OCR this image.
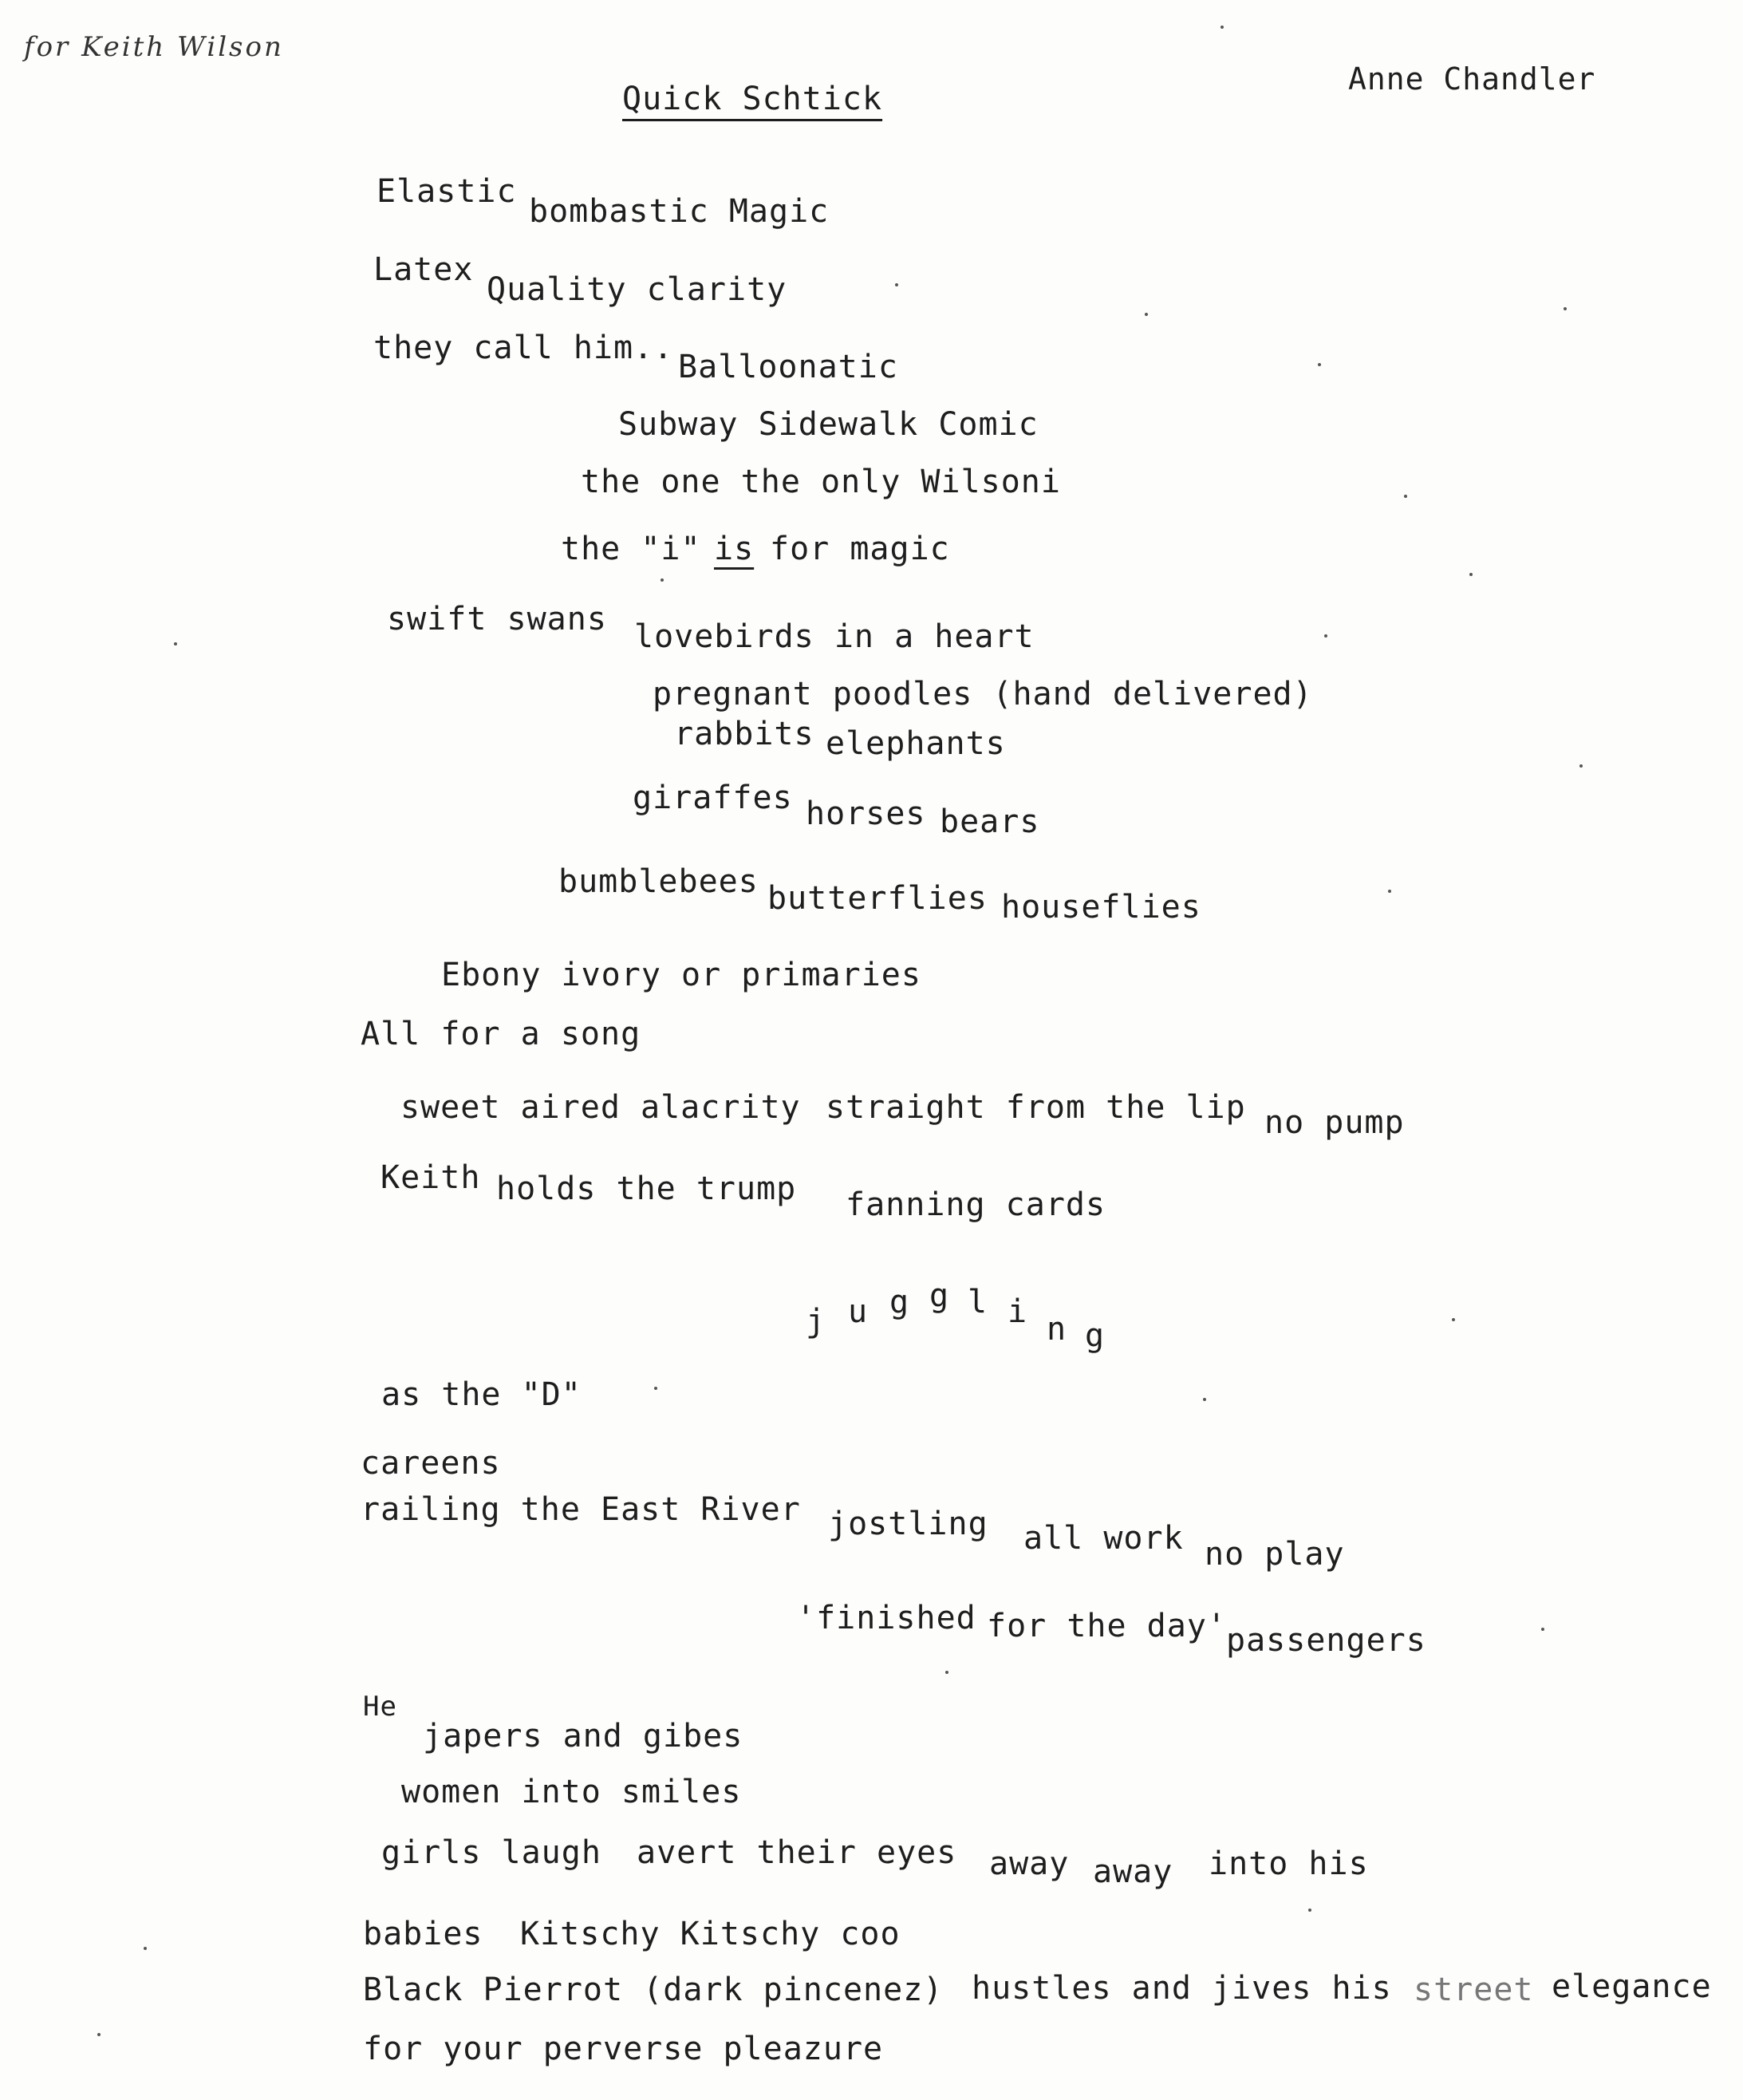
for Keith Wilson
Anne Chandler
Quick Schtick
Elastic
bombastic Magic
Latex
Quality clarity
they call him..
Balloonatic
Subway Sidewalk Comic
the one the only Wilsoni
the "i" is for magic
swift swans lovebirds in a heart
pregnant poodles (hand delivered)
rabbits elephants
giraffes horses bears
bumblebees butterflies houseflies
Ebony ivory or primaries
All for a song
sweet aired alacrity straight from the lip no pump
Keith holds the trump fanning cards
j u g g l i n g
as the "D"
careens
railing the East River jostling all work no play
'finished for the day' passengers
He
japers and gibes
women into smiles
girls laugh avert their eyes away away into his
babies Kitschy Kitschy coo
Black Pierrot (dark pincenez) hustles and jives his street elegance
for your perverse pleazure
